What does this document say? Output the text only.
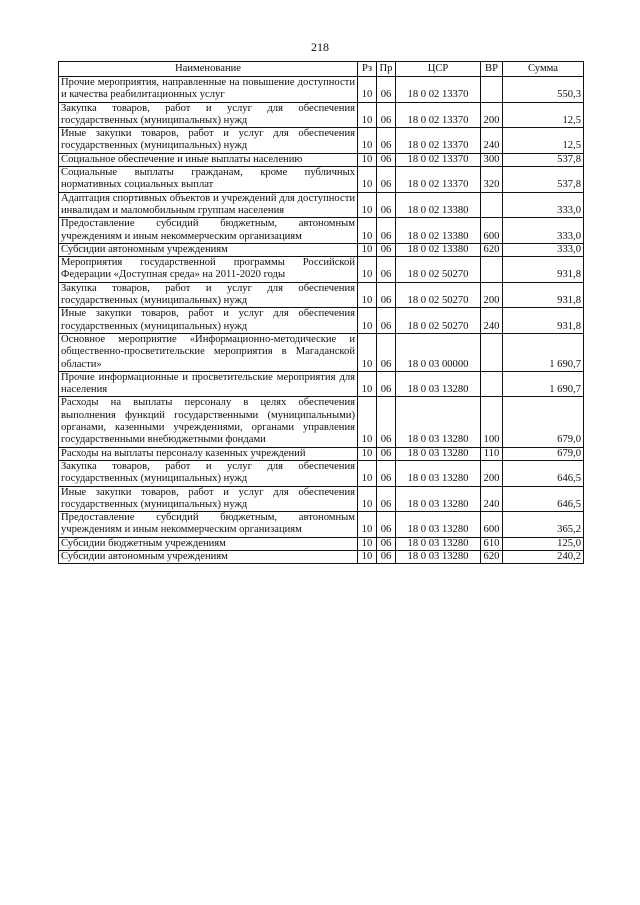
218
Наименование	Рз	Пр	ЦСР	ВР	Сумма
Прочие мероприятия, направленные на повышение доступности и качества реабилитационных услуг	10	06	18 0 02 13370		550,3
Закупка товаров, работ и услуг для обеспечения государственных (муниципальных) нужд	10	06	18 0 02 13370	200	12,5
Иные закупки товаров, работ и услуг для обеспечения государственных (муниципальных) нужд	10	06	18 0 02 13370	240	12,5
Социальное обеспечение и иные выплаты населению	10	06	18 0 02 13370	300	537,8
Социальные выплаты гражданам, кроме публичных нормативных социальных выплат	10	06	18 0 02 13370	320	537,8
Адаптация спортивных объектов и учреждений для доступности инвалидам и маломобильным группам населения	10	06	18 0 02 13380		333,0
Предоставление субсидий бюджетным, автономным учреждениям и иным некоммерческим организациям	10	06	18 0 02 13380	600	333,0
Субсидии автономным учреждениям	10	06	18 0 02 13380	620	333,0
Мероприятия государственной программы Российской Федерации «Доступная среда» на 2011-2020 годы	10	06	18 0 02 50270		931,8
Закупка товаров, работ и услуг для обеспечения государственных (муниципальных) нужд	10	06	18 0 02 50270	200	931,8
Иные закупки товаров, работ и услуг для обеспечения государственных (муниципальных) нужд	10	06	18 0 02 50270	240	931,8
Основное мероприятие «Информационно-методические и общественно-просветительские мероприятия в Магаданской области»	10	06	18 0 03 00000		1 690,7
Прочие информационные и просветительские мероприятия для населения	10	06	18 0 03 13280		1 690,7
Расходы на выплаты персоналу в целях обеспечения выполнения функций государственными (муниципальными) органами, казенными учреждениями, органами управления государственными внебюджетными фондами	10	06	18 0 03 13280	100	679,0
Расходы на выплаты персоналу казенных учреждений	10	06	18 0 03 13280	110	679,0
Закупка товаров, работ и услуг для обеспечения государственных (муниципальных) нужд	10	06	18 0 03 13280	200	646,5
Иные закупки товаров, работ и услуг для обеспечения государственных (муниципальных) нужд	10	06	18 0 03 13280	240	646,5
Предоставление субсидий бюджетным, автономным учреждениям и иным некоммерческим организациям	10	06	18 0 03 13280	600	365,2
Субсидии бюджетным учреждениям	10	06	18 0 03 13280	610	125,0
Субсидии автономным учреждениям	10	06	18 0 03 13280	620	240,2
